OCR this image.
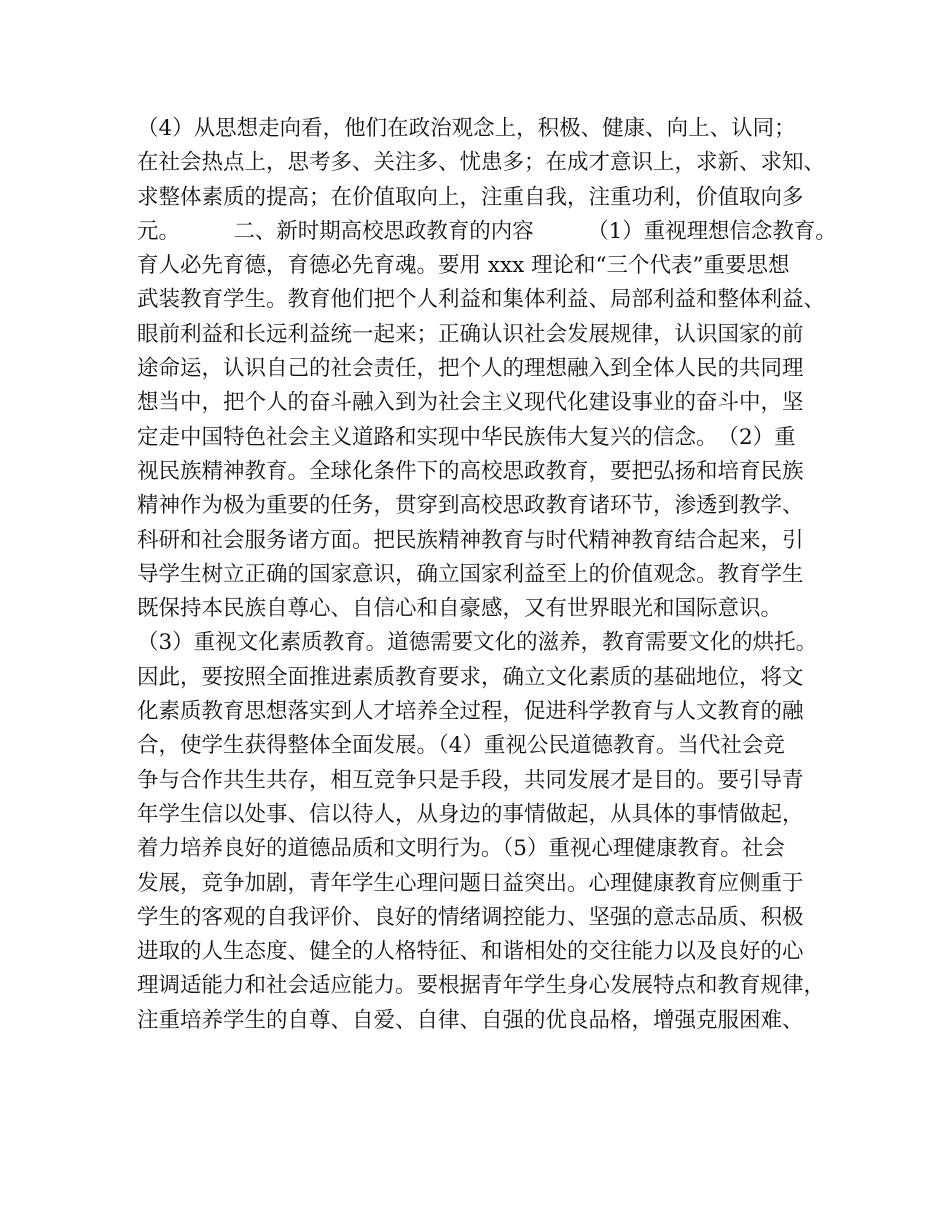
（4）从思想走向看，他们在政治观念上，积极、健康、向上、认同；
在社会热点上，思考多、关注多、忧患多；在成才意识上，求新、求知、
求整体素质的提高；在价值取向上，注重自我，注重功利，价值取向多
元。　　　二、新时期高校思政教育的内容　　　（1）重视理想信念教育。
育人必先育德，育德必先育魂。要用 xxx 理论和“三个代表”重要思想
武装教育学生。教育他们把个人利益和集体利益、局部利益和整体利益、
眼前利益和长远利益统一起来；正确认识社会发展规律，认识国家的前
途命运，认识自己的社会责任，把个人的理想融入到全体人民的共同理
想当中，把个人的奋斗融入到为社会主义现代化建设事业的奋斗中，坚
定走中国特色社会主义道路和实现中华民族伟大复兴的信念。　（2）重
视民族精神教育。全球化条件下的高校思政教育，要把弘扬和培育民族
精神作为极为重要的任务，贯穿到高校思政教育诸环节，渗透到教学、
科研和社会服务诸方面。把民族精神教育与时代精神教育结合起来，引
导学生树立正确的国家意识，确立国家利益至上的价值观念。教育学生
既保持本民族自尊心、自信心和自豪感，又有世界眼光和国际意识。
（3）重视文化素质教育。道德需要文化的滋养，教育需要文化的烘托。
因此，要按照全面推进素质教育要求，确立文化素质的基础地位，将文
化素质教育思想落实到人才培养全过程，促进科学教育与人文教育的融
合，使学生获得整体全面发展。（4）重视公民道德教育。当代社会竞
争与合作共生共存，相互竞争只是手段，共同发展才是目的。要引导青
年学生信以处事、信以待人，从身边的事情做起，从具体的事情做起，
着力培养良好的道德品质和文明行为。（5）重视心理健康教育。社会
发展，竞争加剧，青年学生心理问题日益突出。心理健康教育应侧重于
学生的客观的自我评价、良好的情绪调控能力、坚强的意志品质、积极
进取的人生态度、健全的人格特征、和谐相处的交往能力以及良好的心
理调适能力和社会适应能力。要根据青年学生身心发展特点和教育规律，
注重培养学生的自尊、自爱、自律、自强的优良品格，增强克服困难、
